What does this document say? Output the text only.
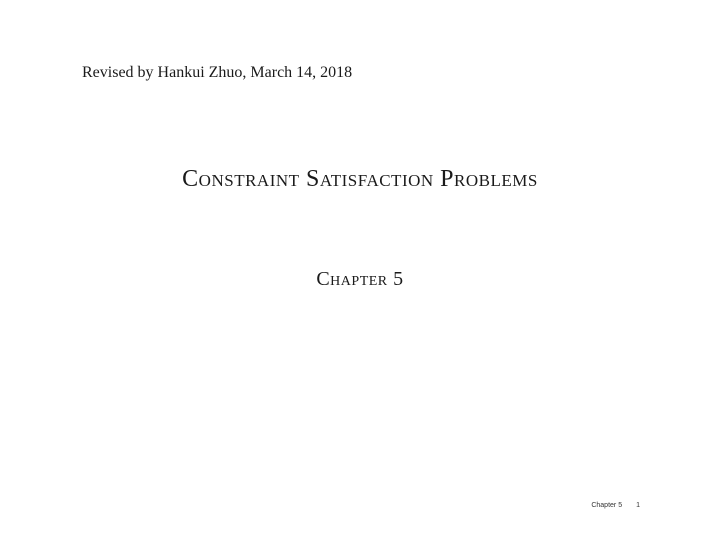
Revised by Hankui Zhuo, March 14, 2018
Constraint Satisfaction Problems
Chapter 5
Chapter 5 1
